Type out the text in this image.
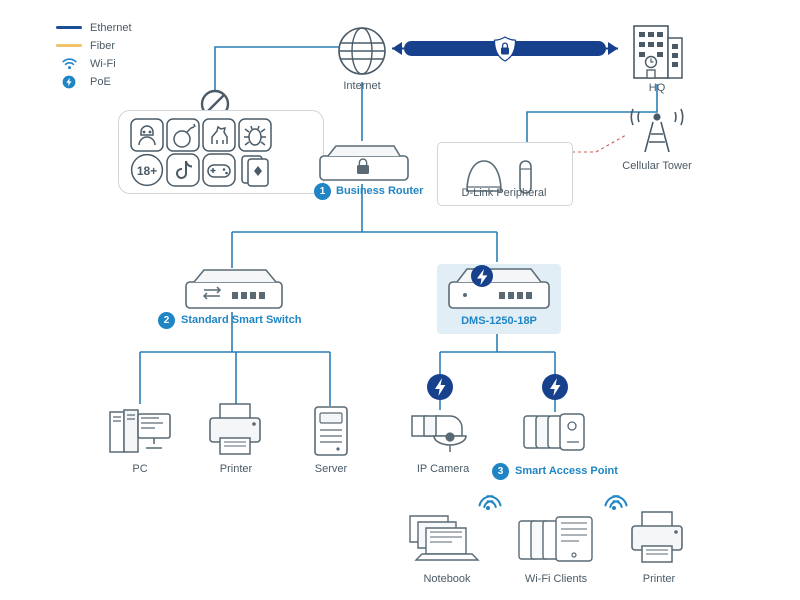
Ethernet
Fiber
Wi-Fi
PoE	Internet	HQ
18+
1 Business Router	D-Link Peripheral
Cellular Tower
2	Standard Smart Switch	DMS-1250-18P
PC	Printer	Server	IP Camera	3	Smart Access Point
Notebook	Wi-Fi Clients	Printer
